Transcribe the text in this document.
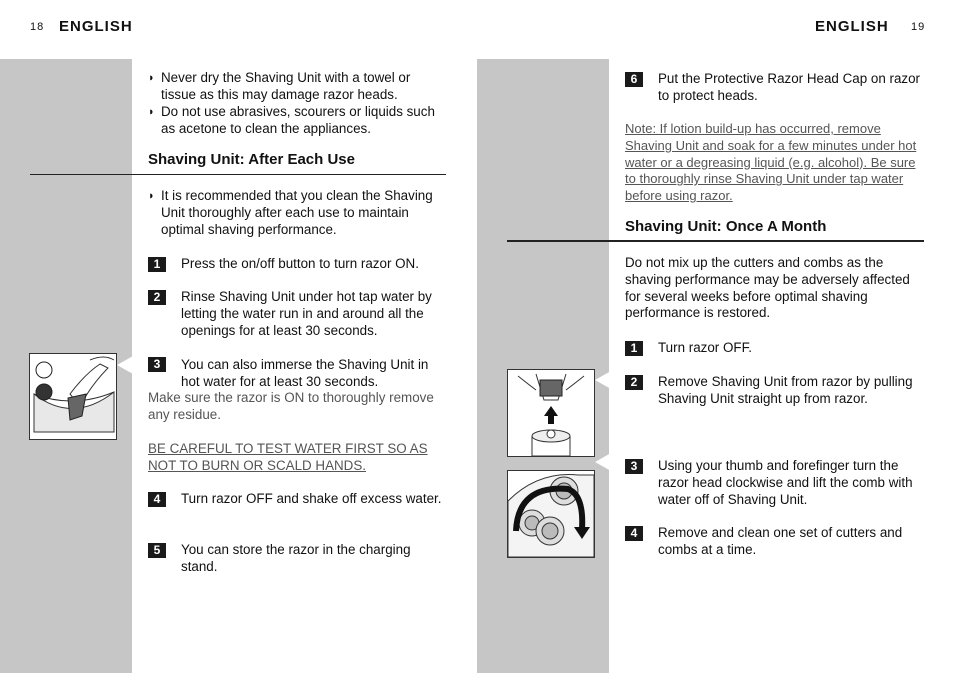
18 ENGLISH
◗ Never dry the Shaving Unit with a towel or tissue as this may damage razor heads.
◗ Do not use abrasives, scourers or liquids such as acetone to clean the appliances.
Shaving Unit: After Each Use
◗ It is recommended that you clean the Shaving Unit thoroughly after each use to maintain optimal shaving performance.
1	Press the on/off button to turn razor ON.
2	Rinse Shaving Unit under hot tap water by letting the water run in and around all the openings for at least 30 seconds.
3	You can also immerse the Shaving Unit in hot water for at least 30 seconds.
Make sure the razor is ON to thoroughly remove any residue.
BE CAREFUL TO TEST WATER FIRST SO AS NOT TO BURN OR SCALD HANDS.
4	Turn razor OFF and shake off excess water.
5	You can store the razor in the charging stand.
ENGLISH 19
6	Put the Protective Razor Head Cap on razor to protect heads.
Note: If lotion build-up has occurred, remove Shaving Unit and soak for a few minutes under hot water or a degreasing liquid (e.g. alcohol). Be sure to thoroughly rinse Shaving Unit under tap water before using razor.
Shaving Unit: Once A Month
Do not mix up the cutters and combs as the shaving performance may be adversely affected for several weeks before optimal shaving performance is restored.
1	Turn razor OFF.
2	Remove Shaving Unit from razor by pulling Shaving Unit straight up from razor.
3	Using your thumb and forefinger turn the razor head clockwise and lift the comb with water off of Shaving Unit.
4	Remove and clean one set of cutters and combs at a time.
